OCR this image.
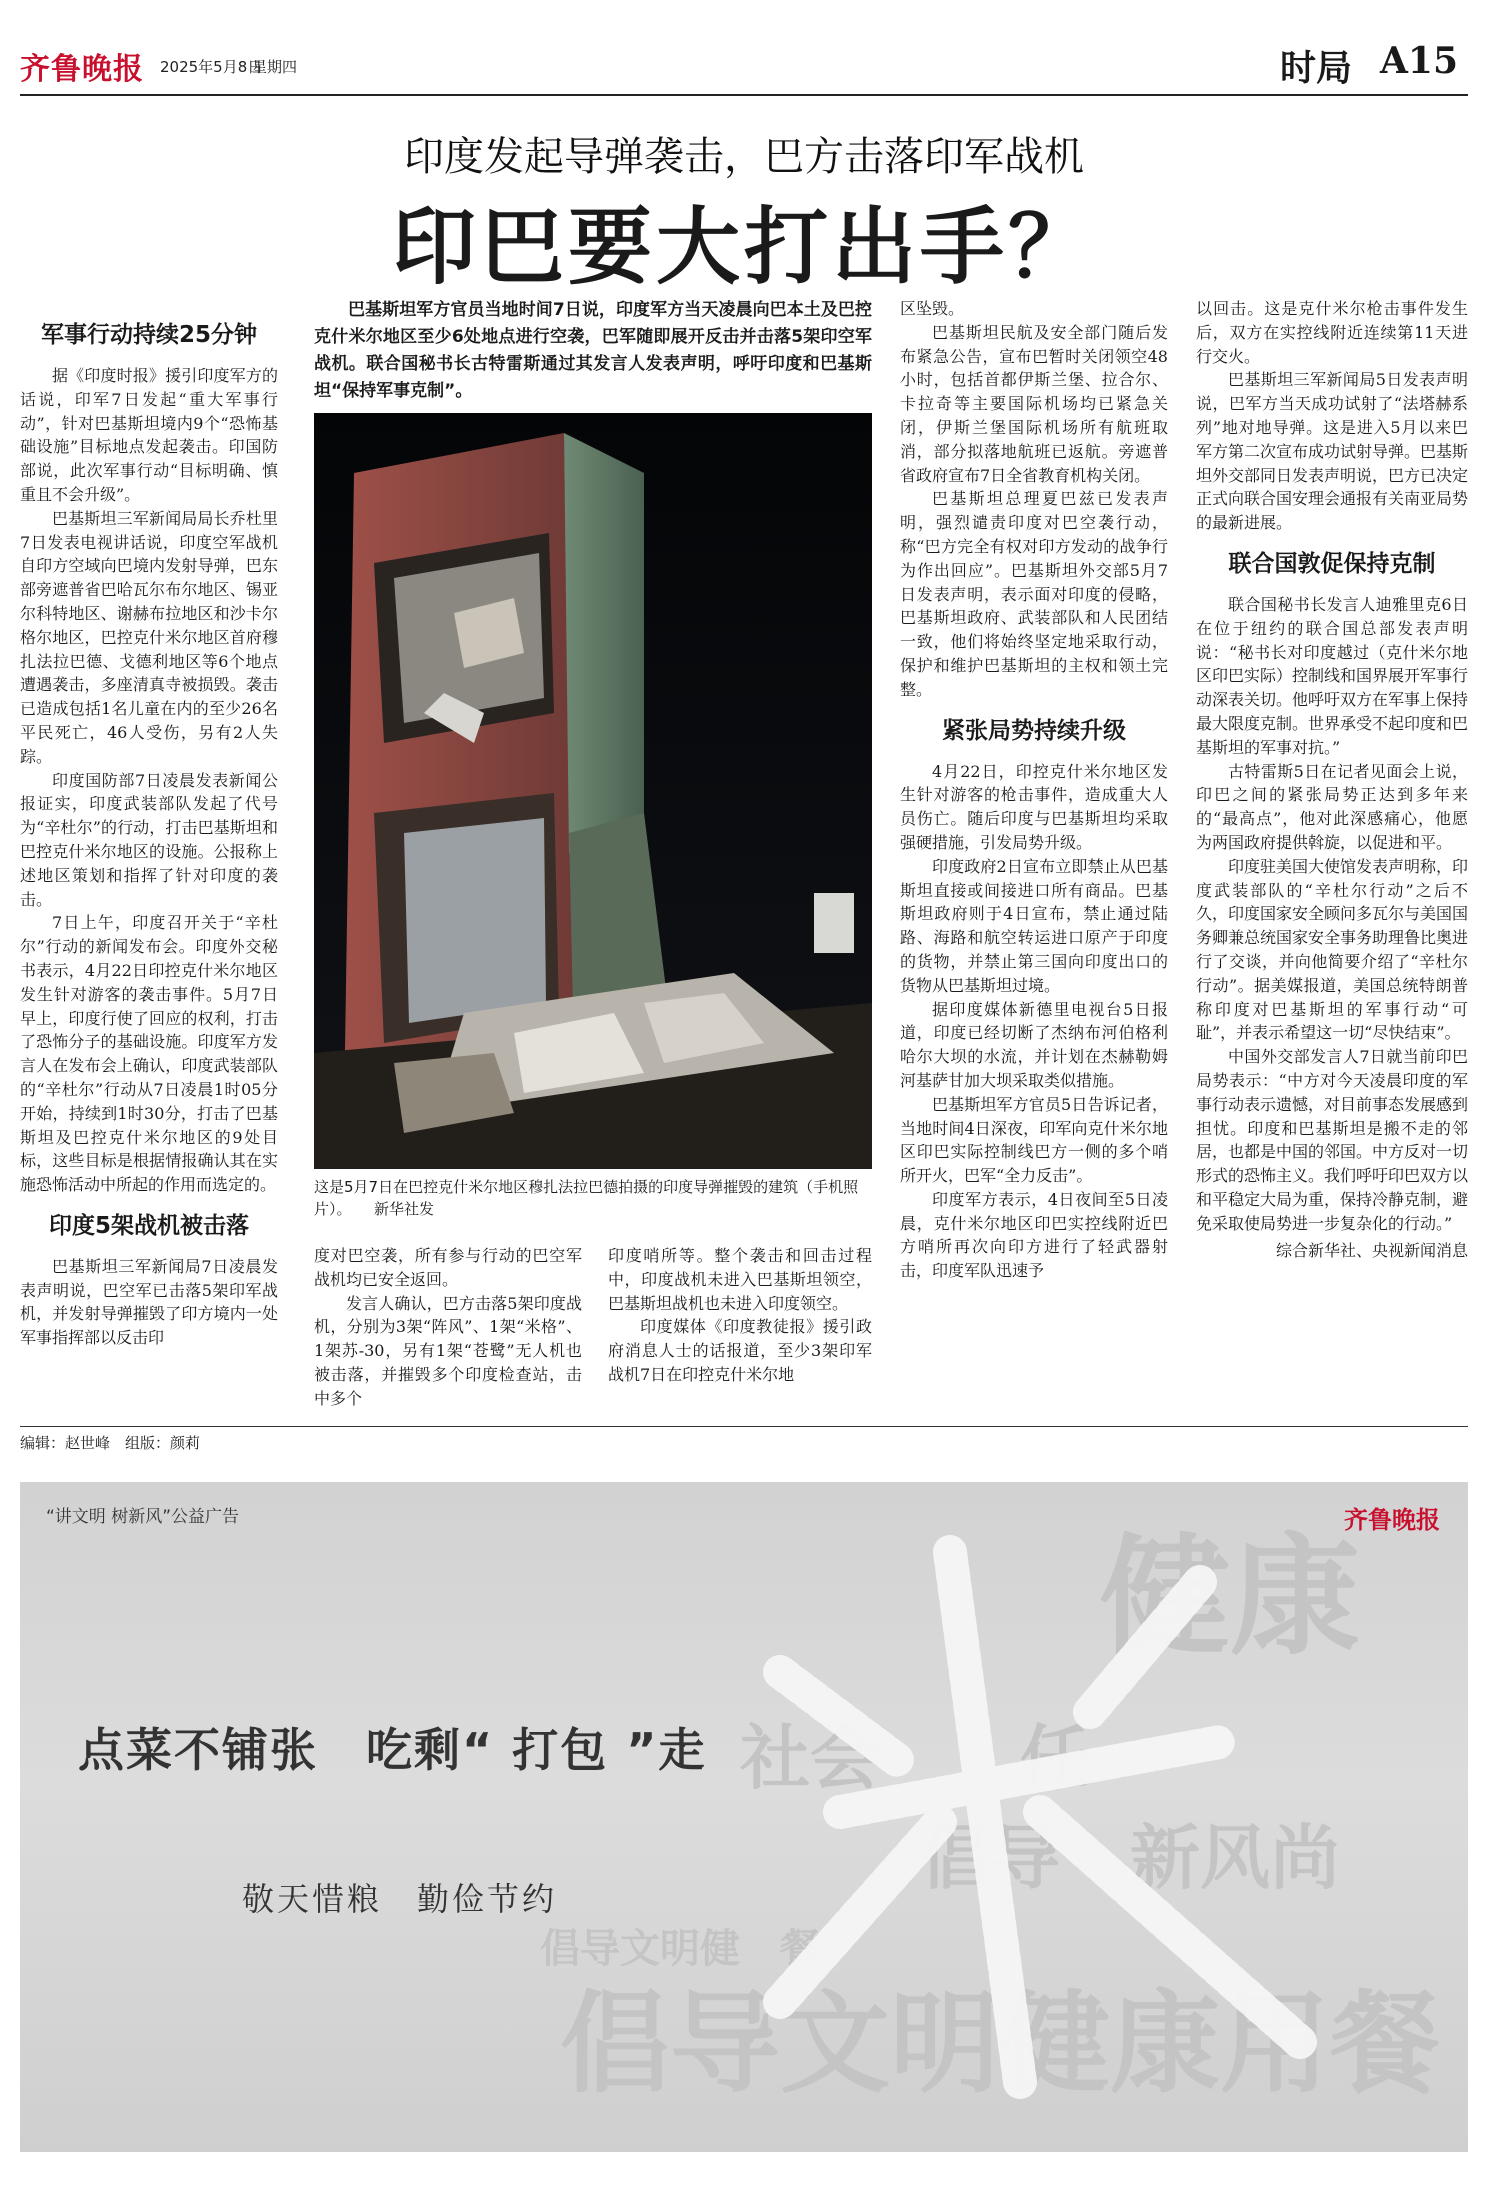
齐鲁晚报 2025年5月8日
星期四	时局 A15
印度发起导弹袭击，巴方击落印军战机
印巴要大打出手？
军事行动持续25分钟

据《印度时报》援引印度军方的话说，印军7日发起“重大军事行动”，针对巴基斯坦境内9个“恐怖基础设施”目标地点发起袭击。印国防部说，此次军事行动“目标明确、慎重且不会升级”。

巴基斯坦三军新闻局局长乔杜里7日发表电视讲话说，印度空军战机自印方空域向巴境内发射导弹，巴东部旁遮普省巴哈瓦尔布尔地区、锡亚尔科特地区、谢赫布拉地区和沙卡尔格尔地区，巴控克什米尔地区首府穆扎法拉巴德、戈德利地区等6个地点遭遇袭击，多座清真寺被损毁。袭击已造成包括1名儿童在内的至少26名平民死亡，46人受伤，另有2人失踪。

印度国防部7日凌晨发表新闻公报证实，印度武装部队发起了代号为“辛杜尔”的行动，打击巴基斯坦和巴控克什米尔地区的设施。公报称上述地区策划和指挥了针对印度的袭击。

7日上午，印度召开关于“辛杜尔”行动的新闻发布会。印度外交秘书表示，4月22日印控克什米尔地区发生针对游客的袭击事件。5月7日早上，印度行使了回应的权利，打击了恐怖分子的基础设施。印度军方发言人在发布会上确认，印度武装部队的“辛杜尔”行动从7日凌晨1时05分开始，持续到1时30分，打击了巴基斯坦及巴控克什米尔地区的9处目标，这些目标是根据情报确认其在实施恐怖活动中所起的作用而选定的。

印度5架战机被击落

巴基斯坦三军新闻局7日凌晨发表声明说，巴空军已击落5架印军战机，并发射导弹摧毁了印方境内一处军事指挥部以反击印

巴基斯坦军方官员当地时间7日说，印度军方当天凌晨向巴本土及巴控克什米尔地区至少6处地点进行空袭，巴军随即展开反击并击落5架印空军战机。联合国秘书长古特雷斯通过其发言人发表声明，呼吁印度和巴基斯坦“保持军事克制”。
这是5月7日在巴控克什米尔地区穆扎法拉巴德拍摄的印度导弹摧毁的建筑（手机照片）。　　新华社发

度对巴空袭，所有参与行动的巴空军战机均已安全返回。

发言人确认，巴方击落5架印度战机，分别为3架“阵风”、1架“米格”、1架苏-30，另有1架“苍鹭”无人机也被击落，并摧毁多个印度检查站，击中多个

印度哨所等。整个袭击和回击过程中，印度战机未进入巴基斯坦领空，巴基斯坦战机也未进入印度领空。

印度媒体《印度教徒报》援引政府消息人士的话报道，至少3架印军战机7日在印控克什米尔地

区坠毁。

巴基斯坦民航及安全部门随后发布紧急公告，宣布巴暂时关闭领空48小时，包括首都伊斯兰堡、拉合尔、卡拉奇等主要国际机场均已紧急关闭，伊斯兰堡国际机场所有航班取消，部分拟落地航班已返航。旁遮普省政府宣布7日全省教育机构关闭。

巴基斯坦总理夏巴兹已发表声明，强烈谴责印度对巴空袭行动，称“巴方完全有权对印方发动的战争行为作出回应”。巴基斯坦外交部5月7日发表声明，表示面对印度的侵略，巴基斯坦政府、武装部队和人民团结一致，他们将始终坚定地采取行动，保护和维护巴基斯坦的主权和领土完整。

紧张局势持续升级

4月22日，印控克什米尔地区发生针对游客的枪击事件，造成重大人员伤亡。随后印度与巴基斯坦均采取强硬措施，引发局势升级。

印度政府2日宣布立即禁止从巴基斯坦直接或间接进口所有商品。巴基斯坦政府则于4日宣布，禁止通过陆路、海路和航空转运进口原产于印度的货物，并禁止第三国向印度出口的货物从巴基斯坦过境。

据印度媒体新德里电视台5日报道，印度已经切断了杰纳布河伯格利哈尔大坝的水流，并计划在杰赫勒姆河基萨甘加大坝采取类似措施。

巴基斯坦军方官员5日告诉记者，当地时间4日深夜，印军向克什米尔地区印巴实际控制线巴方一侧的多个哨所开火，巴军“全力反击”。

印度军方表示，4日夜间至5日凌晨，克什米尔地区印巴实控线附近巴方哨所再次向印方进行了轻武器射击，印度军队迅速予

以回击。这是克什米尔枪击事件发生后，双方在实控线附近连续第11天进行交火。

巴基斯坦三军新闻局5日发表声明说，巴军方当天成功试射了“法塔赫系列”地对地导弹。这是进入5月以来巴军方第二次宣布成功试射导弹。巴基斯坦外交部同日发表声明说，巴方已决定正式向联合国安理会通报有关南亚局势的最新进展。

联合国敦促保持克制

联合国秘书长发言人迪雅里克6日在位于纽约的联合国总部发表声明说：“秘书长对印度越过（克什米尔地区印巴实际）控制线和国界展开军事行动深表关切。他呼吁双方在军事上保持最大限度克制。世界承受不起印度和巴基斯坦的军事对抗。”

古特雷斯5日在记者见面会上说，印巴之间的紧张局势正达到多年来的“最高点”，他对此深感痛心，他愿为两国政府提供斡旋，以促进和平。

印度驻美国大使馆发表声明称，印度武装部队的“辛杜尔行动”之后不久，印度国家安全顾问多瓦尔与美国国务卿兼总统国家安全事务助理鲁比奥进行了交谈，并向他简要介绍了“辛杜尔行动”。据美媒报道，美国总统特朗普称印度对巴基斯坦的军事行动“可耻”，并表示希望这一切“尽快结束”。

中国外交部发言人7日就当前印巴局势表示：“中方对今天凌晨印度的军事行动表示遗憾，对目前事态发展感到担忧。印度和巴基斯坦是搬不走的邻居，也都是中国的邻国。中方反对一切形式的恐怖主义。我们呼吁印巴双方以和平稳定大局为重，保持冷静克制，避免采取使局势进一步复杂化的行动。”

综合新华社、央视新闻消息

编辑：赵世峰　组版：颜莉
健康
社会　　任
倡导　新风尚
倡导文明健　餐
倡导文明健康用餐
“讲文明 树新风”公益广告	齐鲁晚报
点菜不铺张　吃剩“ 打包 ”走
敬天惜粮　勤俭节约
